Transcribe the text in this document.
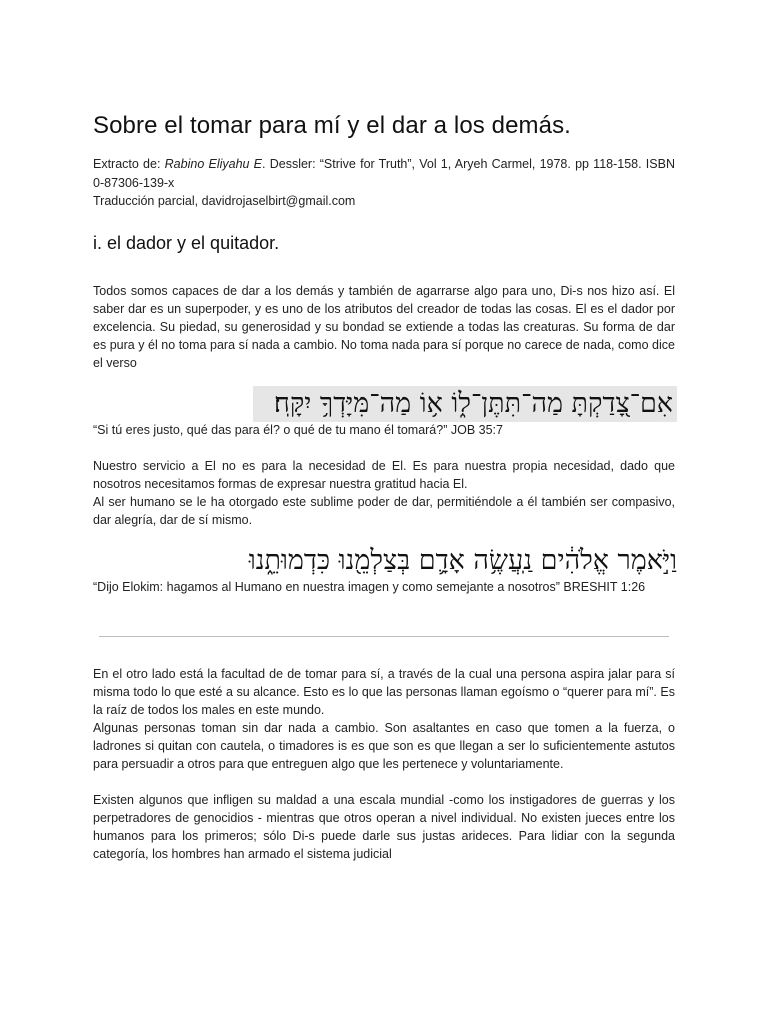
Sobre el tomar para mí y el dar a los demás.

Extracto de: Rabino Eliyahu E. Dessler: “Strive for Truth”, Vol 1, Aryeh Carmel, 1978. pp 118-158. ISBN 0-87306-139-x

Traducción parcial, davidrojaselbirt@gmail.com

i. el dador y el quitador.

Todos somos capaces de dar a los demás y también de agarrarse algo para uno, Di-s nos hizo así. El saber dar es un superpoder, y es uno de los atributos del creador de todas las cosas. El es el dador por excelencia. Su piedad, su generosidad y su bondad se extiende a todas las creaturas. Su forma de dar es pura y él no toma para sí nada a cambio. No toma nada para sí porque no carece de nada, como dice el verso

אִם־צָ֭דַקְתָּ מַה־תִּתֶּן־ל֑וֹ א֥וֹ מַה־מִּיָּדְךָ֥ יִקָּֽח׃

“Si tú eres justo, qué das para él? o qué de tu mano él tomará?” JOB 35:7

Nuestro servicio a El no es para la necesidad de El. Es para nuestra propia necesidad, dado que nosotros necesitamos formas de expresar nuestra gratitud hacia El.

Al ser humano se le ha otorgado este sublime poder de dar, permitiéndole a él también ser compasivo, dar alegría, dar de sí mismo.

וַיֹּ֣אמֶר אֱלֹהִ֔ים נַֽעֲשֶׂ֥ה אָדָ֛ם בְּצַלְמֵ֖נוּ כִּדְמוּתֵ֑נוּ

“Dijo Elokim: hagamos al Humano en nuestra imagen y como semejante a nosotros” BRESHIT 1:26

En el otro lado está la facultad de de tomar para sí, a través de la cual una persona aspira jalar para sí misma todo lo que esté a su alcance. Esto es lo que las personas llaman egoísmo o “querer para mí”. Es la raíz de todos los males en este mundo.

Algunas personas toman sin dar nada a cambio. Son asaltantes en caso que tomen a la fuerza, o ladrones si quitan con cautela, o timadores is es que son es que llegan a ser lo suficientemente astutos para persuadir a otros para que entreguen algo que les pertenece y voluntariamente.

Existen algunos que infligen su maldad a una escala mundial -como los instigadores de guerras y los perpetradores de genocidios - mientras que otros operan a nivel individual. No existen jueces entre los humanos para los primeros; sólo Di-s puede darle sus justas arideces. Para lidiar con la segunda categoría, los hombres han armado el sistema judicial
